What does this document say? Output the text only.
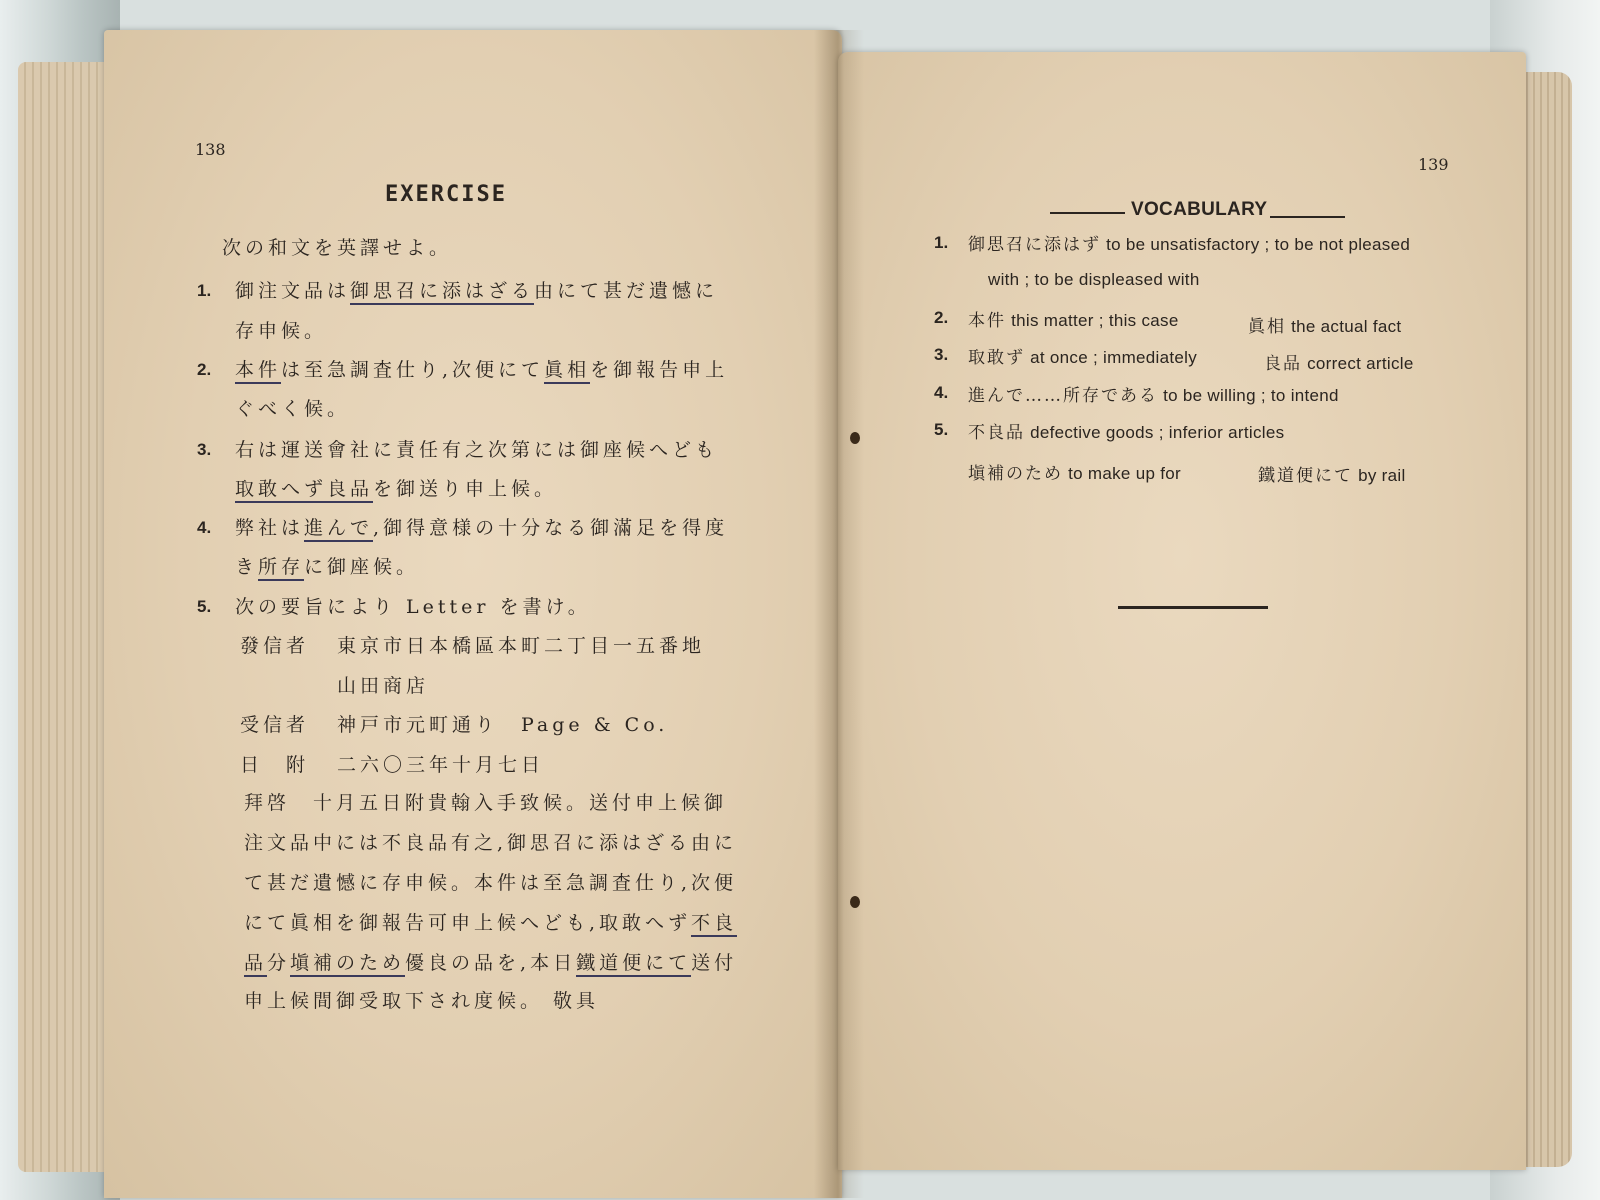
138
EXERCISE
次の和文を英譯せよ。
1. 御注文品は御思召に添はざる由にて甚だ遺憾に
存申候。
2. 本件は至急調査仕り,次便にて眞相を御報告申上
ぐべく候。
3. 右は運送會社に責任有之次第には御座候へども
取敢へず良品を御送り申上候。
4. 弊社は進んで,御得意様の十分なる御滿足を得度
き所存に御座候。
5. 次の要旨により Letter を書け。
發信者 東京市日本橋區本町二丁目一五番地
山田商店
受信者 神戸市元町通り　Page & Co.
日　附 二六〇三年十月七日
拜啓　十月五日附貴翰入手致候。送付申上候御
注文品中には不良品有之,御思召に添はざる由に
て甚だ遺憾に存申候。本件は至急調査仕り,次便
にて眞相を御報告可申上候へども,取敢へず不良
品分塡補のため優良の品を,本日鐵道便にて送付
申上候間御受取下され度候。 敬具
139
VOCABULARY
1. 御思召に添はず to be unsatisfactory ; to be not pleased
with ; to be displeased with
2. 本件 this matter ; this case	眞相 the actual fact
3. 取敢ず at once ; immediately	良品 correct article
4. 進んで……所存である to be willing ; to intend
5. 不良品 defective goods ; inferior articles
塡補のため to make up for	鐵道便にて by rail
